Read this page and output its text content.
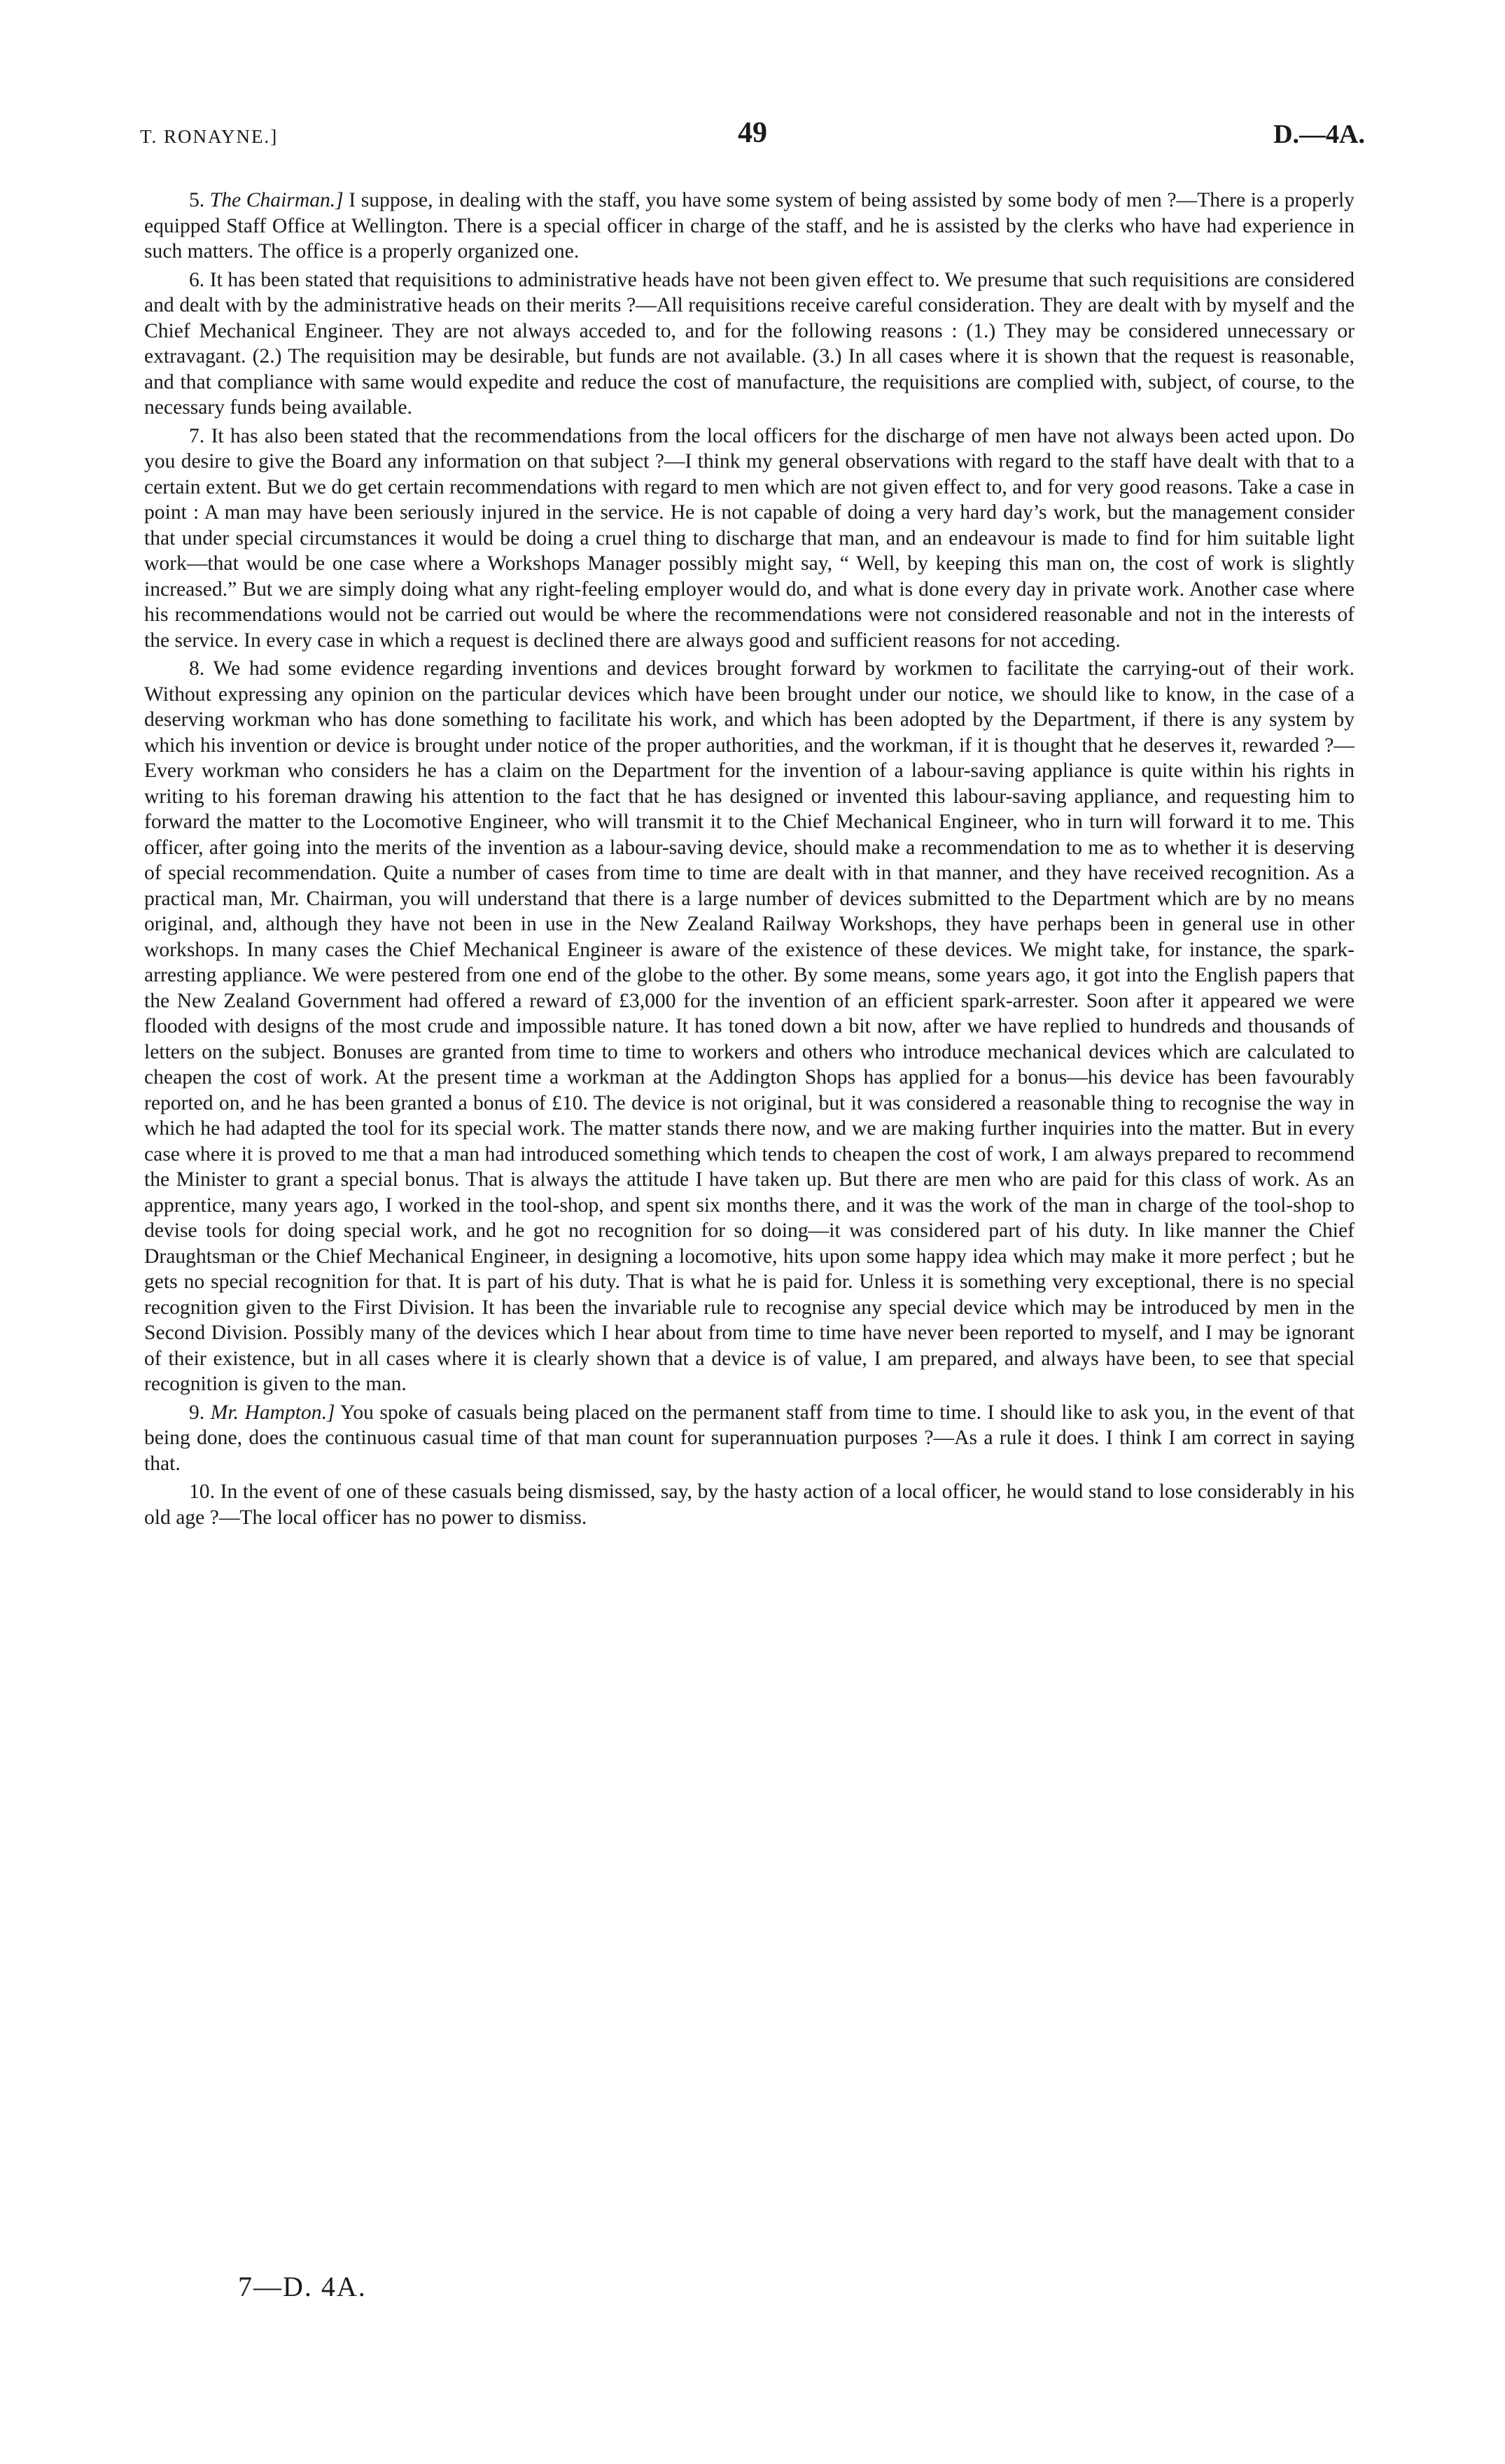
T. RONAYNE.]	49	D.—4A.

5. The Chairman.] I suppose, in dealing with the staff, you have some system of being assisted by some body of men ?—There is a properly equipped Staff Office at Wellington. There is a special officer in charge of the staff, and he is assisted by the clerks who have had experience in such matters. The office is a properly organized one.

6. It has been stated that requisitions to administrative heads have not been given effect to. We presume that such requisitions are considered and dealt with by the administrative heads on their merits ?—All requisitions receive careful consideration. They are dealt with by myself and the Chief Mechanical Engineer. They are not always acceded to, and for the following reasons : (1.) They may be considered unnecessary or extravagant. (2.) The requisition may be desirable, but funds are not available. (3.) In all cases where it is shown that the request is reasonable, and that compliance with same would expedite and reduce the cost of manufacture, the requisitions are complied with, subject, of course, to the necessary funds being available.

7. It has also been stated that the recommendations from the local officers for the discharge of men have not always been acted upon. Do you desire to give the Board any information on that subject ?—I think my general observations with regard to the staff have dealt with that to a certain extent. But we do get certain recommendations with regard to men which are not given effect to, and for very good reasons. Take a case in point : A man may have been seriously injured in the service. He is not capable of doing a very hard day’s work, but the management consider that under special circumstances it would be doing a cruel thing to discharge that man, and an endeavour is made to find for him suitable light work—that would be one case where a Workshops Manager possibly might say, “ Well, by keeping this man on, the cost of work is slightly increased.” But we are simply doing what any right-feeling employer would do, and what is done every day in private work. Another case where his recommendations would not be carried out would be where the recommendations were not considered reasonable and not in the interests of the service. In every case in which a request is declined there are always good and sufficient reasons for not acceding.

8. We had some evidence regarding inventions and devices brought forward by workmen to facilitate the carrying-out of their work. Without expressing any opinion on the particular devices which have been brought under our notice, we should like to know, in the case of a deserving workman who has done something to facilitate his work, and which has been adopted by the Department, if there is any system by which his invention or device is brought under notice of the proper authorities, and the workman, if it is thought that he deserves it, rewarded ?—Every workman who considers he has a claim on the Department for the invention of a labour-saving appliance is quite within his rights in writing to his foreman drawing his attention to the fact that he has designed or invented this labour-saving appliance, and requesting him to forward the matter to the Locomotive Engineer, who will transmit it to the Chief Mechanical Engineer, who in turn will forward it to me. This officer, after going into the merits of the invention as a labour-saving device, should make a recommendation to me as to whether it is deserving of special recommendation. Quite a number of cases from time to time are dealt with in that manner, and they have received recognition. As a practical man, Mr. Chairman, you will understand that there is a large number of devices submitted to the Department which are by no means original, and, although they have not been in use in the New Zealand Railway Workshops, they have perhaps been in general use in other workshops. In many cases the Chief Mechanical Engineer is aware of the existence of these devices. We might take, for instance, the spark-arresting appliance. We were pestered from one end of the globe to the other. By some means, some years ago, it got into the English papers that the New Zealand Government had offered a reward of £3,000 for the invention of an efficient spark-arrester. Soon after it appeared we were flooded with designs of the most crude and impossible nature. It has toned down a bit now, after we have replied to hundreds and thousands of letters on the subject. Bonuses are granted from time to time to workers and others who introduce mechanical devices which are calculated to cheapen the cost of work. At the present time a workman at the Addington Shops has applied for a bonus—his device has been favourably reported on, and he has been granted a bonus of £10. The device is not original, but it was considered a reasonable thing to recognise the way in which he had adapted the tool for its special work. The matter stands there now, and we are making further inquiries into the matter. But in every case where it is proved to me that a man had introduced something which tends to cheapen the cost of work, I am always prepared to recommend the Minister to grant a special bonus. That is always the attitude I have taken up. But there are men who are paid for this class of work. As an apprentice, many years ago, I worked in the tool-shop, and spent six months there, and it was the work of the man in charge of the tool-shop to devise tools for doing special work, and he got no recognition for so doing—it was considered part of his duty. In like manner the Chief Draughtsman or the Chief Mechanical Engineer, in designing a locomotive, hits upon some happy idea which may make it more perfect ; but he gets no special recognition for that. It is part of his duty. That is what he is paid for. Unless it is something very exceptional, there is no special recognition given to the First Division. It has been the invariable rule to recognise any special device which may be introduced by men in the Second Division. Possibly many of the devices which I hear about from time to time have never been reported to myself, and I may be ignorant of their existence, but in all cases where it is clearly shown that a device is of value, I am prepared, and always have been, to see that special recognition is given to the man.

9. Mr. Hampton.] You spoke of casuals being placed on the permanent staff from time to time. I should like to ask you, in the event of that being done, does the continuous casual time of that man count for superannuation purposes ?—As a rule it does. I think I am correct in saying that.

10. In the event of one of these casuals being dismissed, say, by the hasty action of a local officer, he would stand to lose considerably in his old age ?—The local officer has no power to dismiss.

7—D. 4A.
